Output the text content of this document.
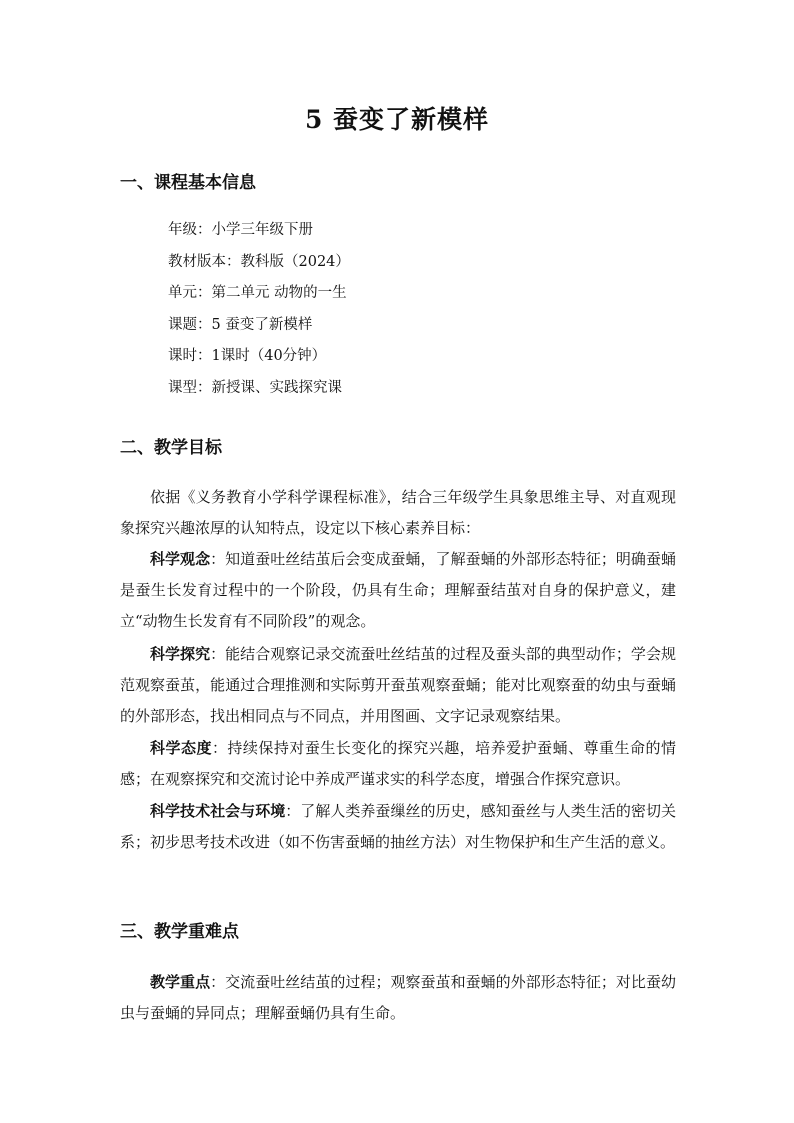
5 蚕变了新模样
一、课程基本信息
年级：小学三年级下册
教材版本：教科版（2024）
单元：第二单元 动物的一生
课题：5 蚕变了新模样
课时：1课时（40分钟）
课型：新授课、实践探究课
二、教学目标

依据《义务教育小学科学课程标准》，结合三年级学生具象思维主导、对直观现象探究兴趣浓厚的认知特点，设定以下核心素养目标：

科学观念：知道蚕吐丝结茧后会变成蚕蛹，了解蚕蛹的外部形态特征；明确蚕蛹是蚕生长发育过程中的一个阶段，仍具有生命；理解蚕结茧对自身的保护意义，建立“动物生长发育有不同阶段”的观念。

科学探究：能结合观察记录交流蚕吐丝结茧的过程及蚕头部的典型动作；学会规范观察蚕茧，能通过合理推测和实际剪开蚕茧观察蚕蛹；能对比观察蚕的幼虫与蚕蛹的外部形态，找出相同点与不同点，并用图画、文字记录观察结果。

科学态度：持续保持对蚕生长变化的探究兴趣，培养爱护蚕蛹、尊重生命的情感；在观察探究和交流讨论中养成严谨求实的科学态度，增强合作探究意识。

科学技术社会与环境：了解人类养蚕缫丝的历史，感知蚕丝与人类生活的密切关系；初步思考技术改进（如不伤害蚕蛹的抽丝方法）对生物保护和生产生活的意义。

三、教学重难点

教学重点：交流蚕吐丝结茧的过程；观察蚕茧和蚕蛹的外部形态特征；对比蚕幼虫与蚕蛹的异同点；理解蚕蛹仍具有生命。
